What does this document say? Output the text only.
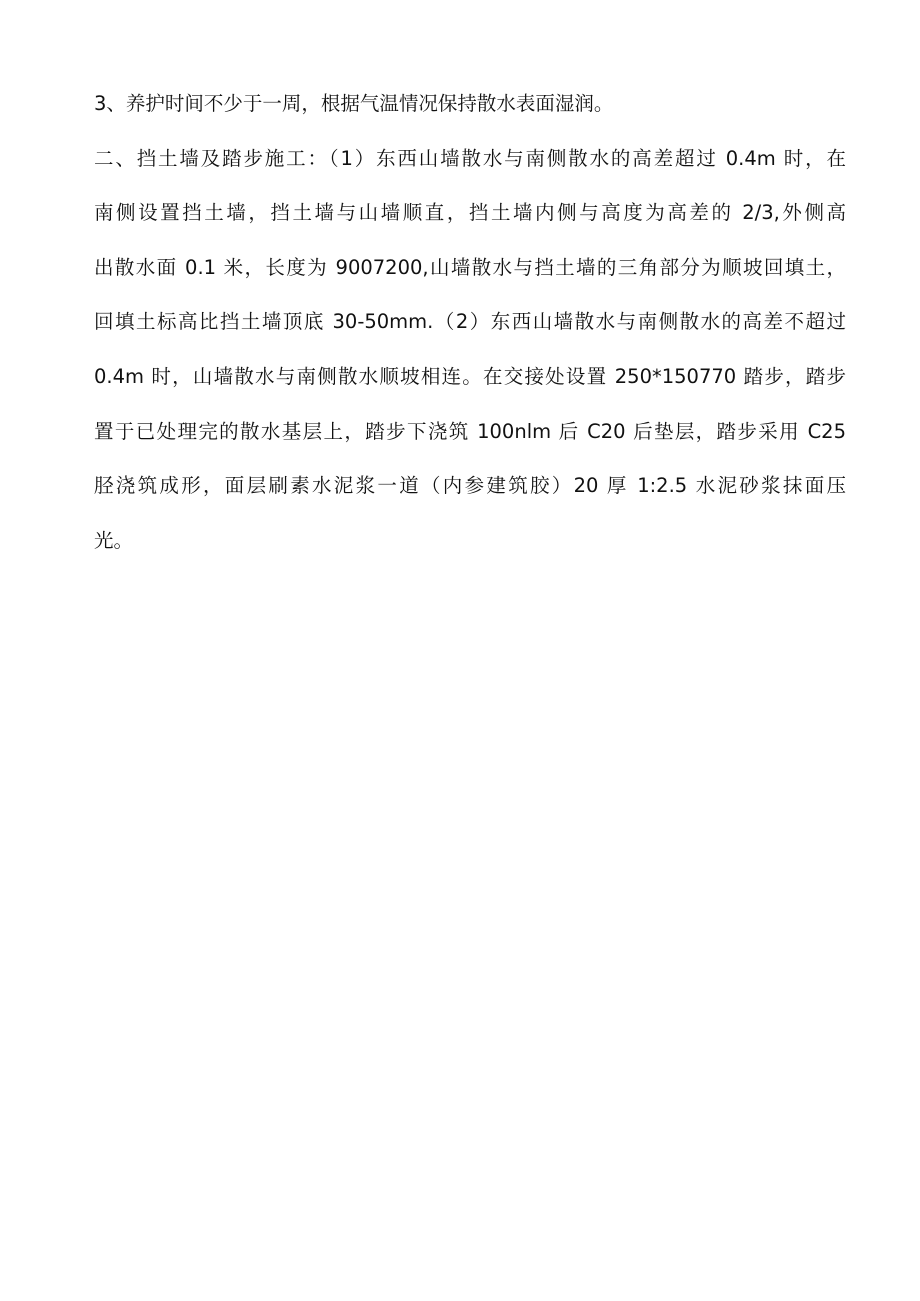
3、养护时间不少于一周，根据气温情况保持散水表面湿润。
二、挡土墙及踏步施工：（1）东西山墙散水与南侧散水的高差超过 0.4m 时，在
南侧设置挡土墙，挡土墙与山墙顺直，挡土墙内侧与高度为高差的 2/3,外侧高
出散水面 0.1 米，长度为 9007200,山墙散水与挡土墙的三角部分为顺坡回填土，
回填土标高比挡土墙顶底 30-50mm.（2）东西山墙散水与南侧散水的高差不超过
0.4m 时，山墙散水与南侧散水顺坡相连。在交接处设置 250*150770 踏步，踏步
置于已处理完的散水基层上，踏步下浇筑 100nlm 后 C20 后垫层，踏步采用 C25
胫浇筑成形，面层刷素水泥浆一道（内参建筑胶）20 厚 1:2.5 水泥砂浆抹面压
光。
